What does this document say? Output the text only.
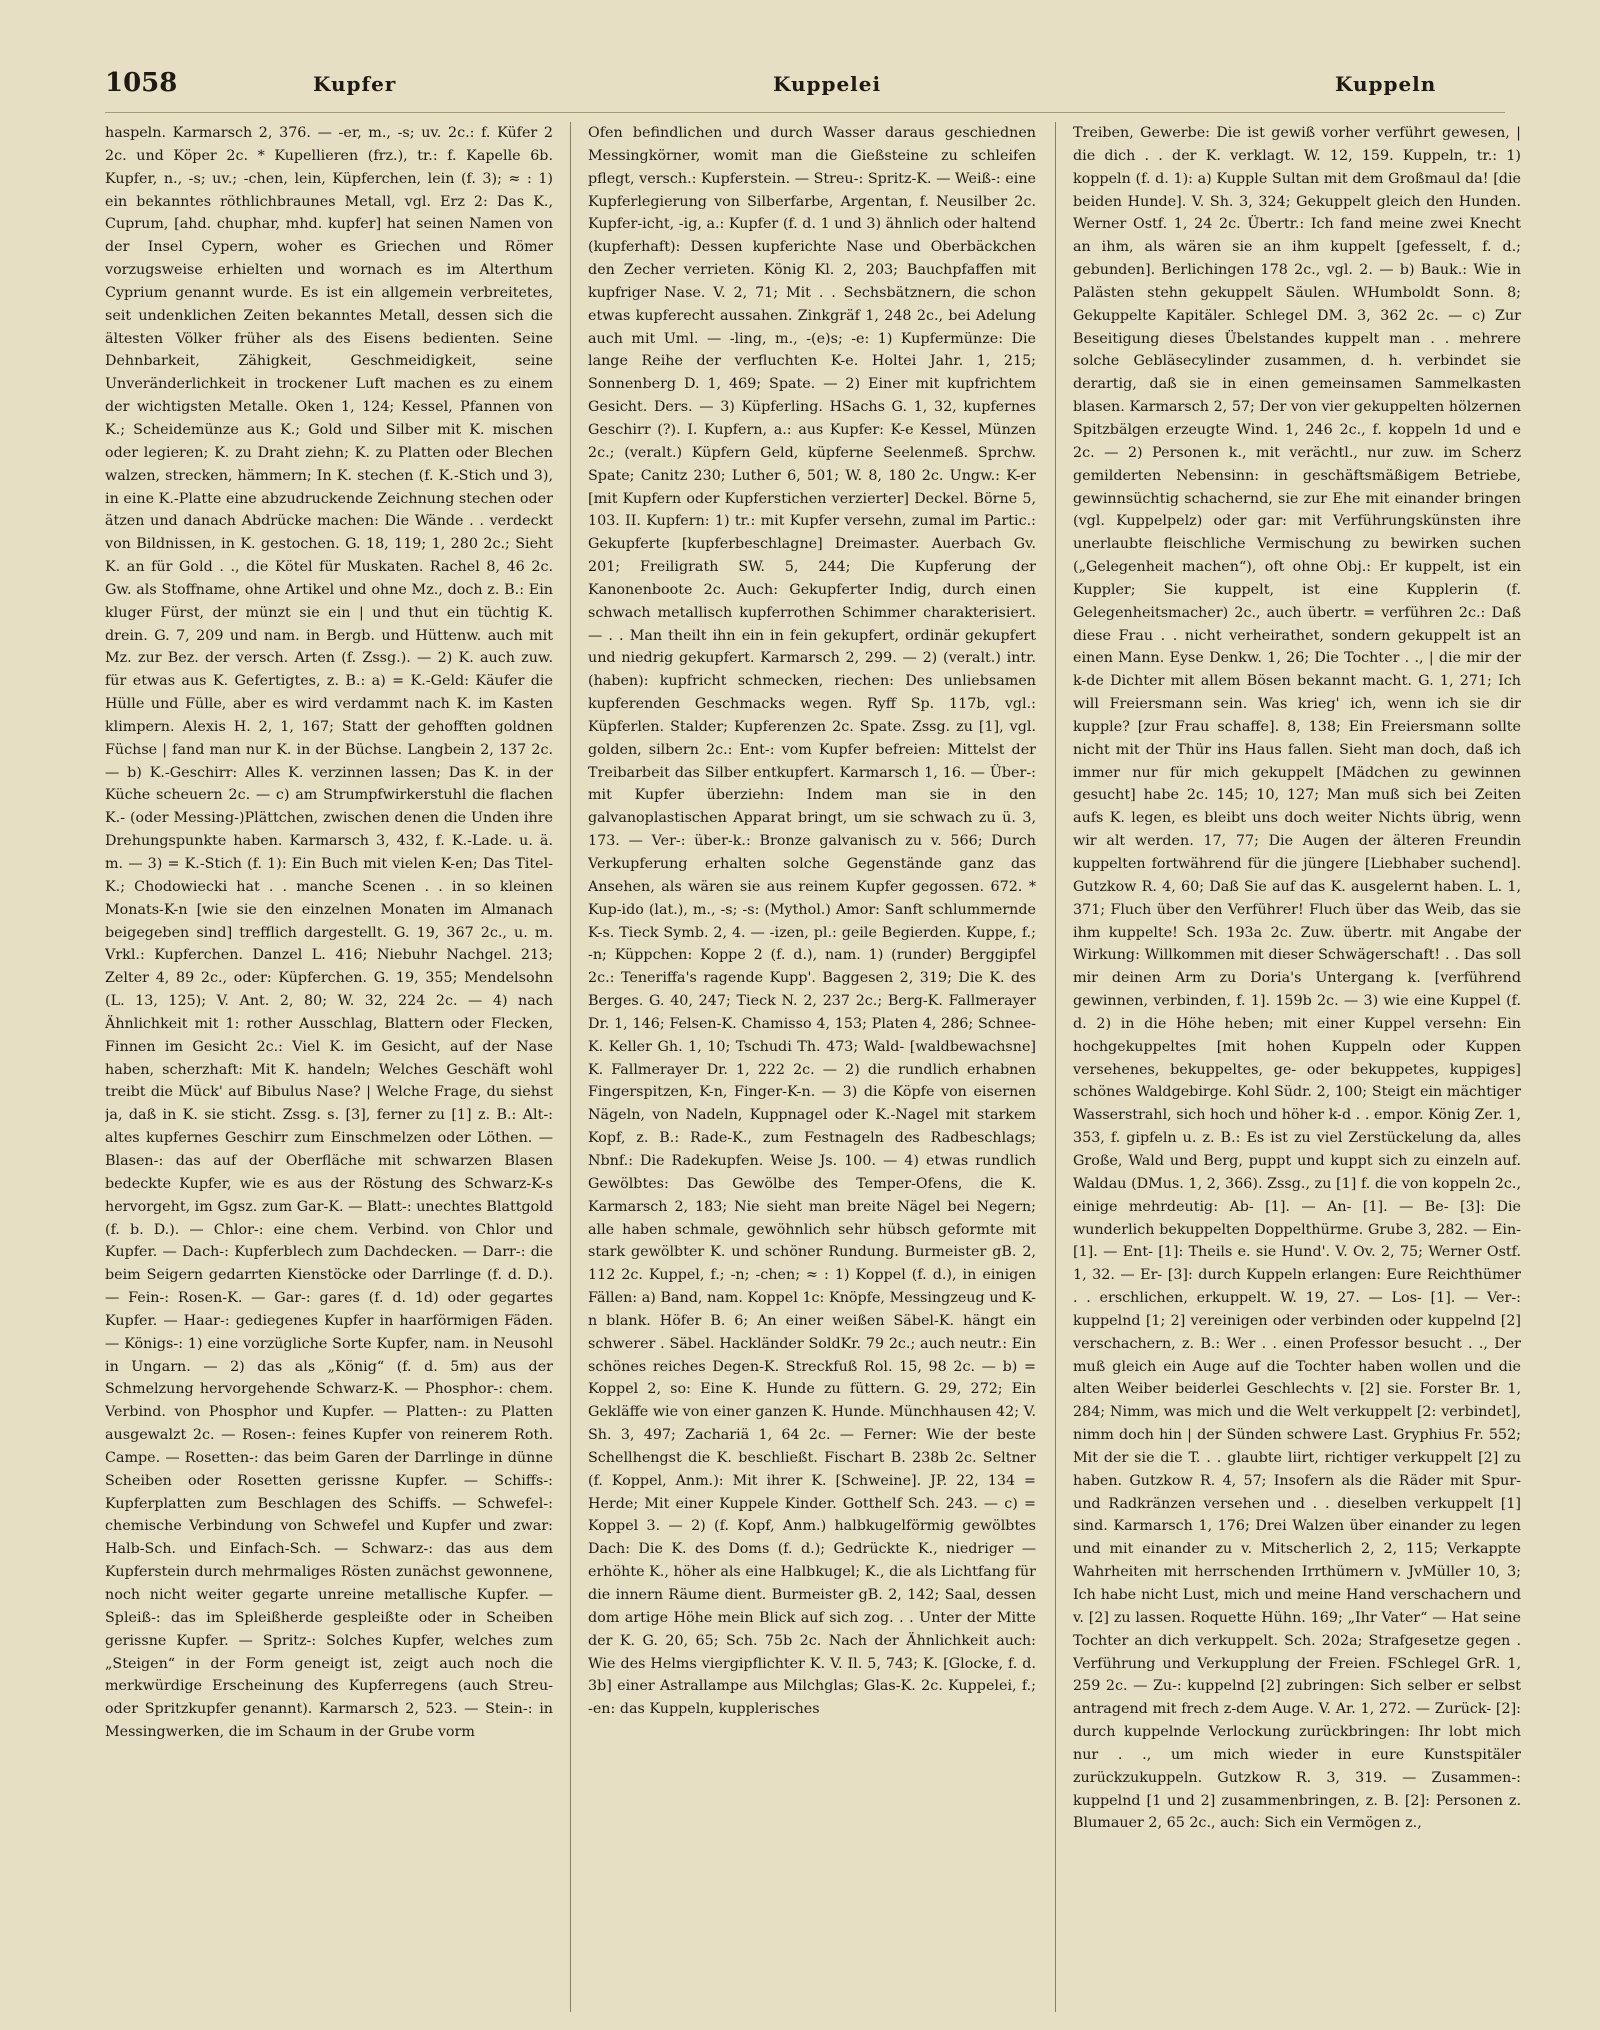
1058	Kupfer	Kuppelei	Kuppeln

haspeln. Karmarsch 2, 376. — -er, m., -s; uv. 2c.: f. Küfer 2 2c. und Köper 2c. * Kupellieren (frz.), tr.: f. Kapelle 6b. Kupfer, n., -s; uv.; -chen, lein, Küpferchen, lein (f. 3); ≈ : 1) ein bekanntes röthlichbraunes Metall, vgl. Erz 2: Das K., Cuprum, [ahd. chuphar, mhd. kupfer] hat seinen Namen von der Insel Cypern, woher es Griechen und Römer vorzugsweise erhielten und wornach es im Alterthum Cyprium genannt wurde. Es ist ein allgemein verbreitetes, seit undenklichen Zeiten bekanntes Metall, dessen sich die ältesten Völker früher als des Eisens bedienten. Seine Dehnbarkeit, Zähigkeit, Geschmeidigkeit, seine Unveränderlichkeit in trockener Luft machen es zu einem der wichtigsten Metalle. Oken 1, 124; Kessel, Pfannen von K.; Scheidemünze aus K.; Gold und Silber mit K. mischen oder legieren; K. zu Draht ziehn; K. zu Platten oder Blechen walzen, strecken, hämmern; In K. stechen (f. K.-Stich und 3), in eine K.-Platte eine abzudruckende Zeichnung stechen oder ätzen und danach Abdrücke machen: Die Wände . . verdeckt von Bildnissen, in K. gestochen. G. 18, 119; 1, 280 2c.; Sieht K. an für Gold . ., die Kötel für Muskaten. Rachel 8, 46 2c. Gw. als Stoffname, ohne Artikel und ohne Mz., doch z. B.: Ein kluger Fürst, der münzt sie ein | und thut ein tüchtig K. drein. G. 7, 209 und nam. in Bergb. und Hüttenw. auch mit Mz. zur Bez. der versch. Arten (f. Zssg.). — 2) K. auch zuw. für etwas aus K. Gefertigtes, z. B.: a) = K.-Geld: Käufer die Hülle und Fülle, aber es wird verdammt nach K. im Kasten klimpern. Alexis H. 2, 1, 167; Statt der gehofften goldnen Füchse | fand man nur K. in der Büchse. Langbein 2, 137 2c. — b) K.-Geschirr: Alles K. verzinnen lassen; Das K. in der Küche scheuern 2c. — c) am Strumpfwirkerstuhl die flachen K.- (oder Messing-)Plättchen, zwischen denen die Unden ihre Drehungspunkte haben. Karmarsch 3, 432, f. K.-Lade. u. ä. m. — 3) = K.-Stich (f. 1): Ein Buch mit vielen K-en; Das Titel-K.; Chodowiecki hat . . manche Scenen . . in so kleinen Monats-K-n [wie sie den einzelnen Monaten im Almanach beigegeben sind] trefflich dargestellt. G. 19, 367 2c., u. m. Vrkl.: Kupferchen. Danzel L. 416; Niebuhr Nachgel. 213; Zelter 4, 89 2c., oder: Küpferchen. G. 19, 355; Mendelsohn (L. 13, 125); V. Ant. 2, 80; W. 32, 224 2c. — 4) nach Ähnlichkeit mit 1: rother Ausschlag, Blattern oder Flecken, Finnen im Gesicht 2c.: Viel K. im Gesicht, auf der Nase haben, scherzhaft: Mit K. handeln; Welches Geschäft wohl treibt die Mück' auf Bibulus Nase? | Welche Frage, du siehst ja, daß in K. sie sticht. Zssg. s. [3], ferner zu [1] z. B.: Alt-: altes kupfernes Geschirr zum Einschmelzen oder Löthen. — Blasen-: das auf der Oberfläche mit schwarzen Blasen bedeckte Kupfer, wie es aus der Röstung des Schwarz-K-s hervorgeht, im Ggsz. zum Gar-K. — Blatt-: unechtes Blattgold (f. b. D.). — Chlor-: eine chem. Verbind. von Chlor und Kupfer. — Dach-: Kupferblech zum Dachdecken. — Darr-: die beim Seigern gedarrten Kienstöcke oder Darrlinge (f. d. D.). — Fein-: Rosen-K. — Gar-: gares (f. d. 1d) oder gegartes Kupfer. — Haar-: gediegenes Kupfer in haarförmigen Fäden. — Königs-: 1) eine vorzügliche Sorte Kupfer, nam. in Neusohl in Ungarn. — 2) das als „König“ (f. d. 5m) aus der Schmelzung hervorgehende Schwarz-K. — Phosphor-: chem. Verbind. von Phosphor und Kupfer. — Platten-: zu Platten ausgewalzt 2c. — Rosen-: feines Kupfer von reinerem Roth. Campe. — Rosetten-: das beim Garen der Darrlinge in dünne Scheiben oder Rosetten gerissne Kupfer. — Schiffs-: Kupferplatten zum Beschlagen des Schiffs. — Schwefel-: chemische Verbindung von Schwefel und Kupfer und zwar: Halb-Sch. und Einfach-Sch. — Schwarz-: das aus dem Kupferstein durch mehrmaliges Rösten zunächst gewonnene, noch nicht weiter gegarte unreine metallische Kupfer. — Spleiß-: das im Spleißherde gespleißte oder in Scheiben gerissne Kupfer. — Spritz-: Solches Kupfer, welches zum „Steigen“ in der Form geneigt ist, zeigt auch noch die merkwürdige Erscheinung des Kupferregens (auch Streu- oder Spritzkupfer genannt). Karmarsch 2, 523. — Stein-: in Messingwerken, die im Schaum in der Grube vorm

Ofen befindlichen und durch Wasser daraus geschiednen Messingkörner, womit man die Gießsteine zu schleifen pflegt, versch.: Kupferstein. — Streu-: Spritz-K. — Weiß-: eine Kupferlegierung von Silberfarbe, Argentan, f. Neusilber 2c. Kupfer-icht, -ig, a.: Kupfer (f. d. 1 und 3) ähnlich oder haltend (kupferhaft): Dessen kupferichte Nase und Oberbäckchen den Zecher verrieten. König Kl. 2, 203; Bauchpfaffen mit kupfriger Nase. V. 2, 71; Mit . . Sechsbätznern, die schon etwas kupferecht aussahen. Zinkgräf 1, 248 2c., bei Adelung auch mit Uml. — -ling, m., -(e)s; -e: 1) Kupfermünze: Die lange Reihe der verfluchten K-e. Holtei Jahr. 1, 215; Sonnenberg D. 1, 469; Spate. — 2) Einer mit kupfrichtem Gesicht. Ders. — 3) Küpferling. HSachs G. 1, 32, kupfernes Geschirr (?). I. Kupfern, a.: aus Kupfer: K-e Kessel, Münzen 2c.; (veralt.) Küpfern Geld, küpferne Seelenmeß. Sprchw. Spate; Canitz 230; Luther 6, 501; W. 8, 180 2c. Ungw.: K-er [mit Kupfern oder Kupferstichen verzierter] Deckel. Börne 5, 103. II. Kupfern: 1) tr.: mit Kupfer versehn, zumal im Partic.: Gekupferte [kupferbeschlagne] Dreimaster. Auerbach Gv. 201; Freiligrath SW. 5, 244; Die Kupferung der Kanonenboote 2c. Auch: Gekupferter Indig, durch einen schwach metallisch kupferrothen Schimmer charakterisiert. — . . Man theilt ihn ein in fein gekupfert, ordinär gekupfert und niedrig gekupfert. Karmarsch 2, 299. — 2) (veralt.) intr. (haben): kupfricht schmecken, riechen: Des unliebsamen kupferenden Geschmacks wegen. Ryff Sp. 117b, vgl.: Küpferlen. Stalder; Kupferenzen 2c. Spate. Zssg. zu [1], vgl. golden, silbern 2c.: Ent-: vom Kupfer befreien: Mittelst der Treibarbeit das Silber entkupfert. Karmarsch 1, 16. — Über-: mit Kupfer überziehn: Indem man sie in den galvanoplastischen Apparat bringt, um sie schwach zu ü. 3, 173. — Ver-: über-k.: Bronze galvanisch zu v. 566; Durch Verkupferung erhalten solche Gegenstände ganz das Ansehen, als wären sie aus reinem Kupfer gegossen. 672. * Kup-ido (lat.), m., -s; -s: (Mythol.) Amor: Sanft schlummernde K-s. Tieck Symb. 2, 4. — -izen, pl.: geile Begierden. Kuppe, f.; -n; Küppchen: Koppe 2 (f. d.), nam. 1) (runder) Berggipfel 2c.: Teneriffa's ragende Kupp'. Baggesen 2, 319; Die K. des Berges. G. 40, 247; Tieck N. 2, 237 2c.; Berg-K. Fallmerayer Dr. 1, 146; Felsen-K. Chamisso 4, 153; Platen 4, 286; Schnee-K. Keller Gh. 1, 10; Tschudi Th. 473; Wald- [waldbewachsne] K. Fallmerayer Dr. 1, 222 2c. — 2) die rundlich erhabnen Fingerspitzen, K-n, Finger-K-n. — 3) die Köpfe von eisernen Nägeln, von Nadeln, Kuppnagel oder K.-Nagel mit starkem Kopf, z. B.: Rade-K., zum Festnageln des Radbeschlags; Nbnf.: Die Radekupfen. Weise Js. 100. — 4) etwas rundlich Gewölbtes: Das Gewölbe des Temper-Ofens, die K. Karmarsch 2, 183; Nie sieht man breite Nägel bei Negern; alle haben schmale, gewöhnlich sehr hübsch geformte mit stark gewölbter K. und schöner Rundung. Burmeister gB. 2, 112 2c. Kuppel, f.; -n; -chen; ≈ : 1) Koppel (f. d.), in einigen Fällen: a) Band, nam. Koppel 1c: Knöpfe, Messingzeug und K-n blank. Höfer B. 6; An einer weißen Säbel-K. hängt ein schwerer . Säbel. Hackländer SoldKr. 79 2c.; auch neutr.: Ein schönes reiches Degen-K. Streckfuß Rol. 15, 98 2c. — b) = Koppel 2, so: Eine K. Hunde zu füttern. G. 29, 272; Ein Gekläffe wie von einer ganzen K. Hunde. Münchhausen 42; V. Sh. 3, 497; Zachariä 1, 64 2c. — Ferner: Wie der beste Schellhengst die K. beschließt. Fischart B. 238b 2c. Seltner (f. Koppel, Anm.): Mit ihrer K. [Schweine]. JP. 22, 134 = Herde; Mit einer Kuppele Kinder. Gotthelf Sch. 243. — c) = Koppel 3. — 2) (f. Kopf, Anm.) halbkugelförmig gewölbtes Dach: Die K. des Doms (f. d.); Gedrückte K., niedriger — erhöhte K., höher als eine Halbkugel; K., die als Lichtfang für die innern Räume dient. Burmeister gB. 2, 142; Saal, dessen dom artige Höhe mein Blick auf sich zog. . . Unter der Mitte der K. G. 20, 65; Sch. 75b 2c. Nach der Ähnlichkeit auch: Wie des Helms viergipflichter K. V. Il. 5, 743; K. [Glocke, f. d. 3b] einer Astrallampe aus Milchglas; Glas-K. 2c. Kuppelei, f.; -en: das Kuppeln, kupplerisches

Treiben, Gewerbe: Die ist gewiß vorher verführt gewesen, | die dich . . der K. verklagt. W. 12, 159. Kuppeln, tr.: 1) koppeln (f. d. 1): a) Kupple Sultan mit dem Großmaul da! [die beiden Hunde]. V. Sh. 3, 324; Gekuppelt gleich den Hunden. Werner Ostf. 1, 24 2c. Übertr.: Ich fand meine zwei Knecht an ihm, als wären sie an ihm kuppelt [gefesselt, f. d.; gebunden]. Berlichingen 178 2c., vgl. 2. — b) Bauk.: Wie in Palästen stehn gekuppelt Säulen. WHumboldt Sonn. 8; Gekuppelte Kapitäler. Schlegel DM. 3, 362 2c. — c) Zur Beseitigung dieses Übelstandes kuppelt man . . mehrere solche Gebläsecylinder zusammen, d. h. verbindet sie derartig, daß sie in einen gemeinsamen Sammelkasten blasen. Karmarsch 2, 57; Der von vier gekuppelten hölzernen Spitzbälgen erzeugte Wind. 1, 246 2c., f. koppeln 1d und e 2c. — 2) Personen k., mit verächtl., nur zuw. im Scherz gemilderten Nebensinn: in geschäftsmäßigem Betriebe, gewinnsüchtig schachernd, sie zur Ehe mit einander bringen (vgl. Kuppelpelz) oder gar: mit Verführungskünsten ihre unerlaubte fleischliche Vermischung zu bewirken suchen („Gelegenheit machen“), oft ohne Obj.: Er kuppelt, ist ein Kuppler; Sie kuppelt, ist eine Kupplerin (f. Gelegenheitsmacher) 2c., auch übertr. = verführen 2c.: Daß diese Frau . . nicht verheirathet, sondern gekuppelt ist an einen Mann. Eyse Denkw. 1, 26; Die Tochter . ., | die mir der k-de Dichter mit allem Bösen bekannt macht. G. 1, 271; Ich will Freiersmann sein. Was krieg' ich, wenn ich sie dir kupple? [zur Frau schaffe]. 8, 138; Ein Freiersmann sollte nicht mit der Thür ins Haus fallen. Sieht man doch, daß ich immer nur für mich gekuppelt [Mädchen zu gewinnen gesucht] habe 2c. 145; 10, 127; Man muß sich bei Zeiten aufs K. legen, es bleibt uns doch weiter Nichts übrig, wenn wir alt werden. 17, 77; Die Augen der älteren Freundin kuppelten fortwährend für die jüngere [Liebhaber suchend]. Gutzkow R. 4, 60; Daß Sie auf das K. ausgelernt haben. L. 1, 371; Fluch über den Verführer! Fluch über das Weib, das sie ihm kuppelte! Sch. 193a 2c. Zuw. übertr. mit Angabe der Wirkung: Willkommen mit dieser Schwägerschaft! . . Das soll mir deinen Arm zu Doria's Untergang k. [verführend gewinnen, verbinden, f. 1]. 159b 2c. — 3) wie eine Kuppel (f. d. 2) in die Höhe heben; mit einer Kuppel versehn: Ein hochgekuppeltes [mit hohen Kuppeln oder Kuppen versehenes, bekuppeltes, ge- oder bekuppetes, kuppiges] schönes Waldgebirge. Kohl Südr. 2, 100; Steigt ein mächtiger Wasserstrahl, sich hoch und höher k-d . . empor. König Zer. 1, 353, f. gipfeln u. z. B.: Es ist zu viel Zerstückelung da, alles Große, Wald und Berg, puppt und kuppt sich zu einzeln auf. Waldau (DMus. 1, 2, 366). Zssg., zu [1] f. die von koppeln 2c., einige mehrdeutig: Ab- [1]. — An- [1]. — Be- [3]: Die wunderlich bekuppelten Doppelthürme. Grube 3, 282. — Ein- [1]. — Ent- [1]: Theils e. sie Hund'. V. Ov. 2, 75; Werner Ostf. 1, 32. — Er- [3]: durch Kuppeln erlangen: Eure Reichthümer . . erschlichen, erkuppelt. W. 19, 27. — Los- [1]. — Ver-: kuppelnd [1; 2] vereinigen oder verbinden oder kuppelnd [2] verschachern, z. B.: Wer . . einen Professor besucht . ., Der muß gleich ein Auge auf die Tochter haben wollen und die alten Weiber beiderlei Geschlechts v. [2] sie. Forster Br. 1, 284; Nimm, was mich und die Welt verkuppelt [2: verbindet], nimm doch hin | der Sünden schwere Last. Gryphius Fr. 552; Mit der sie die T. . . glaubte liirt, richtiger verkuppelt [2] zu haben. Gutzkow R. 4, 57; Insofern als die Räder mit Spur- und Radkränzen versehen und . . dieselben verkuppelt [1] sind. Karmarsch 1, 176; Drei Walzen über einander zu legen und mit einander zu v. Mitscherlich 2, 2, 115; Verkappte Wahrheiten mit herrschenden Irrthümern v. JvMüller 10, 3; Ich habe nicht Lust, mich und meine Hand verschachern und v. [2] zu lassen. Roquette Hühn. 169; „Ihr Vater“ — Hat seine Tochter an dich verkuppelt. Sch. 202a; Strafgesetze gegen . Verführung und Verkupplung der Freien. FSchlegel GrR. 1, 259 2c. — Zu-: kuppelnd [2] zubringen: Sich selber er selbst antragend mit frech z-dem Auge. V. Ar. 1, 272. — Zurück- [2]: durch kuppelnde Verlockung zurückbringen: Ihr lobt mich nur . ., um mich wieder in eure Kunstspitäler zurückzukuppeln. Gutzkow R. 3, 319. — Zusammen-: kuppelnd [1 und 2] zusammenbringen, z. B. [2]: Personen z. Blumauer 2, 65 2c., auch: Sich ein Vermögen z.,
